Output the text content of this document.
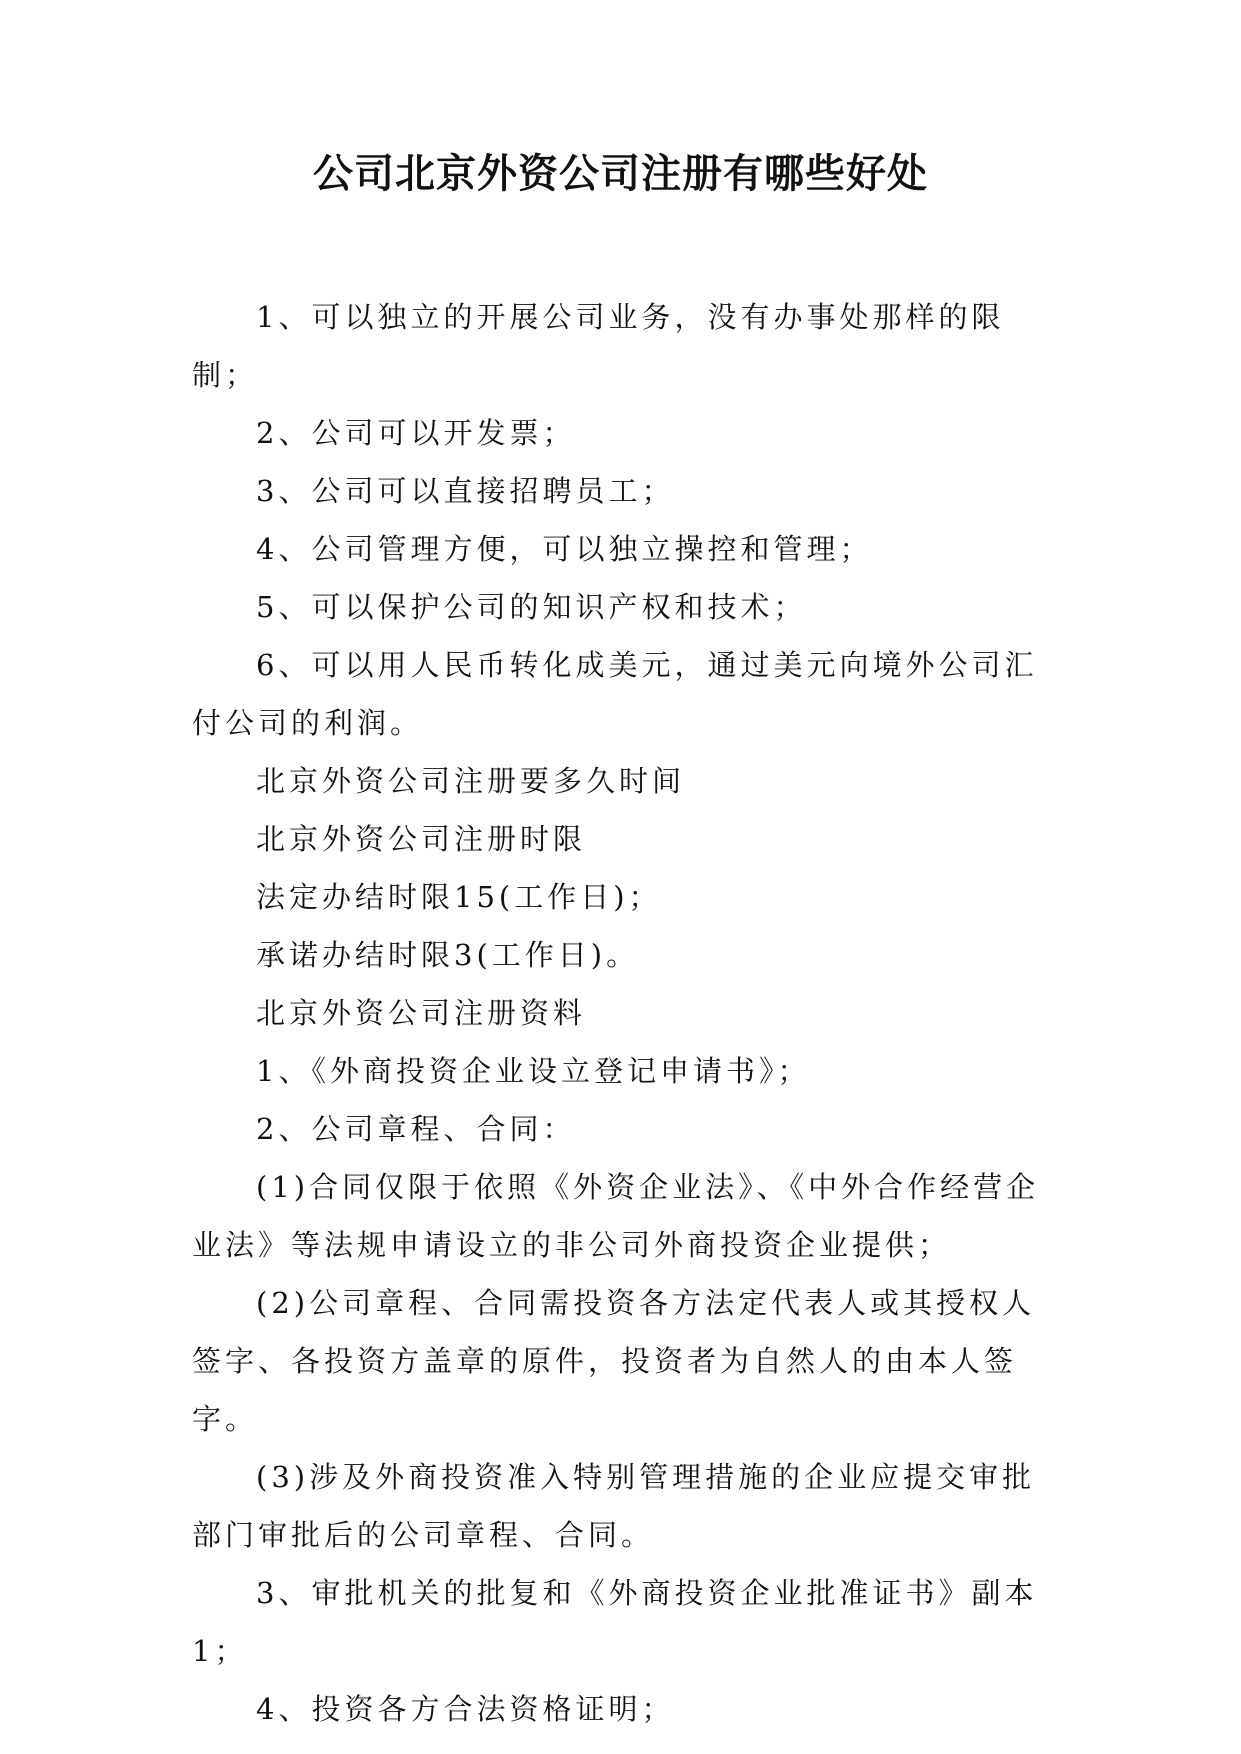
公司北京外资公司注册有哪些好处

1、可以独立的开展公司业务，没有办事处那样的限制；

2、公司可以开发票；

3、公司可以直接招聘员工；

4、公司管理方便，可以独立操控和管理；

5、可以保护公司的知识产权和技术；

6、可以用人民币转化成美元，通过美元向境外公司汇付公司的利润。

北京外资公司注册要多久时间

北京外资公司注册时限

法定办结时限15(工作日)；

承诺办结时限3(工作日)。

北京外资公司注册资料

1、《外商投资企业设立登记申请书》；

2、公司章程、合同：

(1)合同仅限于依照《外资企业法》、《中外合作经营企业法》等法规申请设立的非公司外商投资企业提供；

(2)公司章程、合同需投资各方法定代表人或其授权人签字、各投资方盖章的原件，投资者为自然人的由本人签字。

(3)涉及外商投资准入特别管理措施的企业应提交审批部门审批后的公司章程、合同。

3、审批机关的批复和《外商投资企业批准证书》副本1；

4、投资各方合法资格证明；
